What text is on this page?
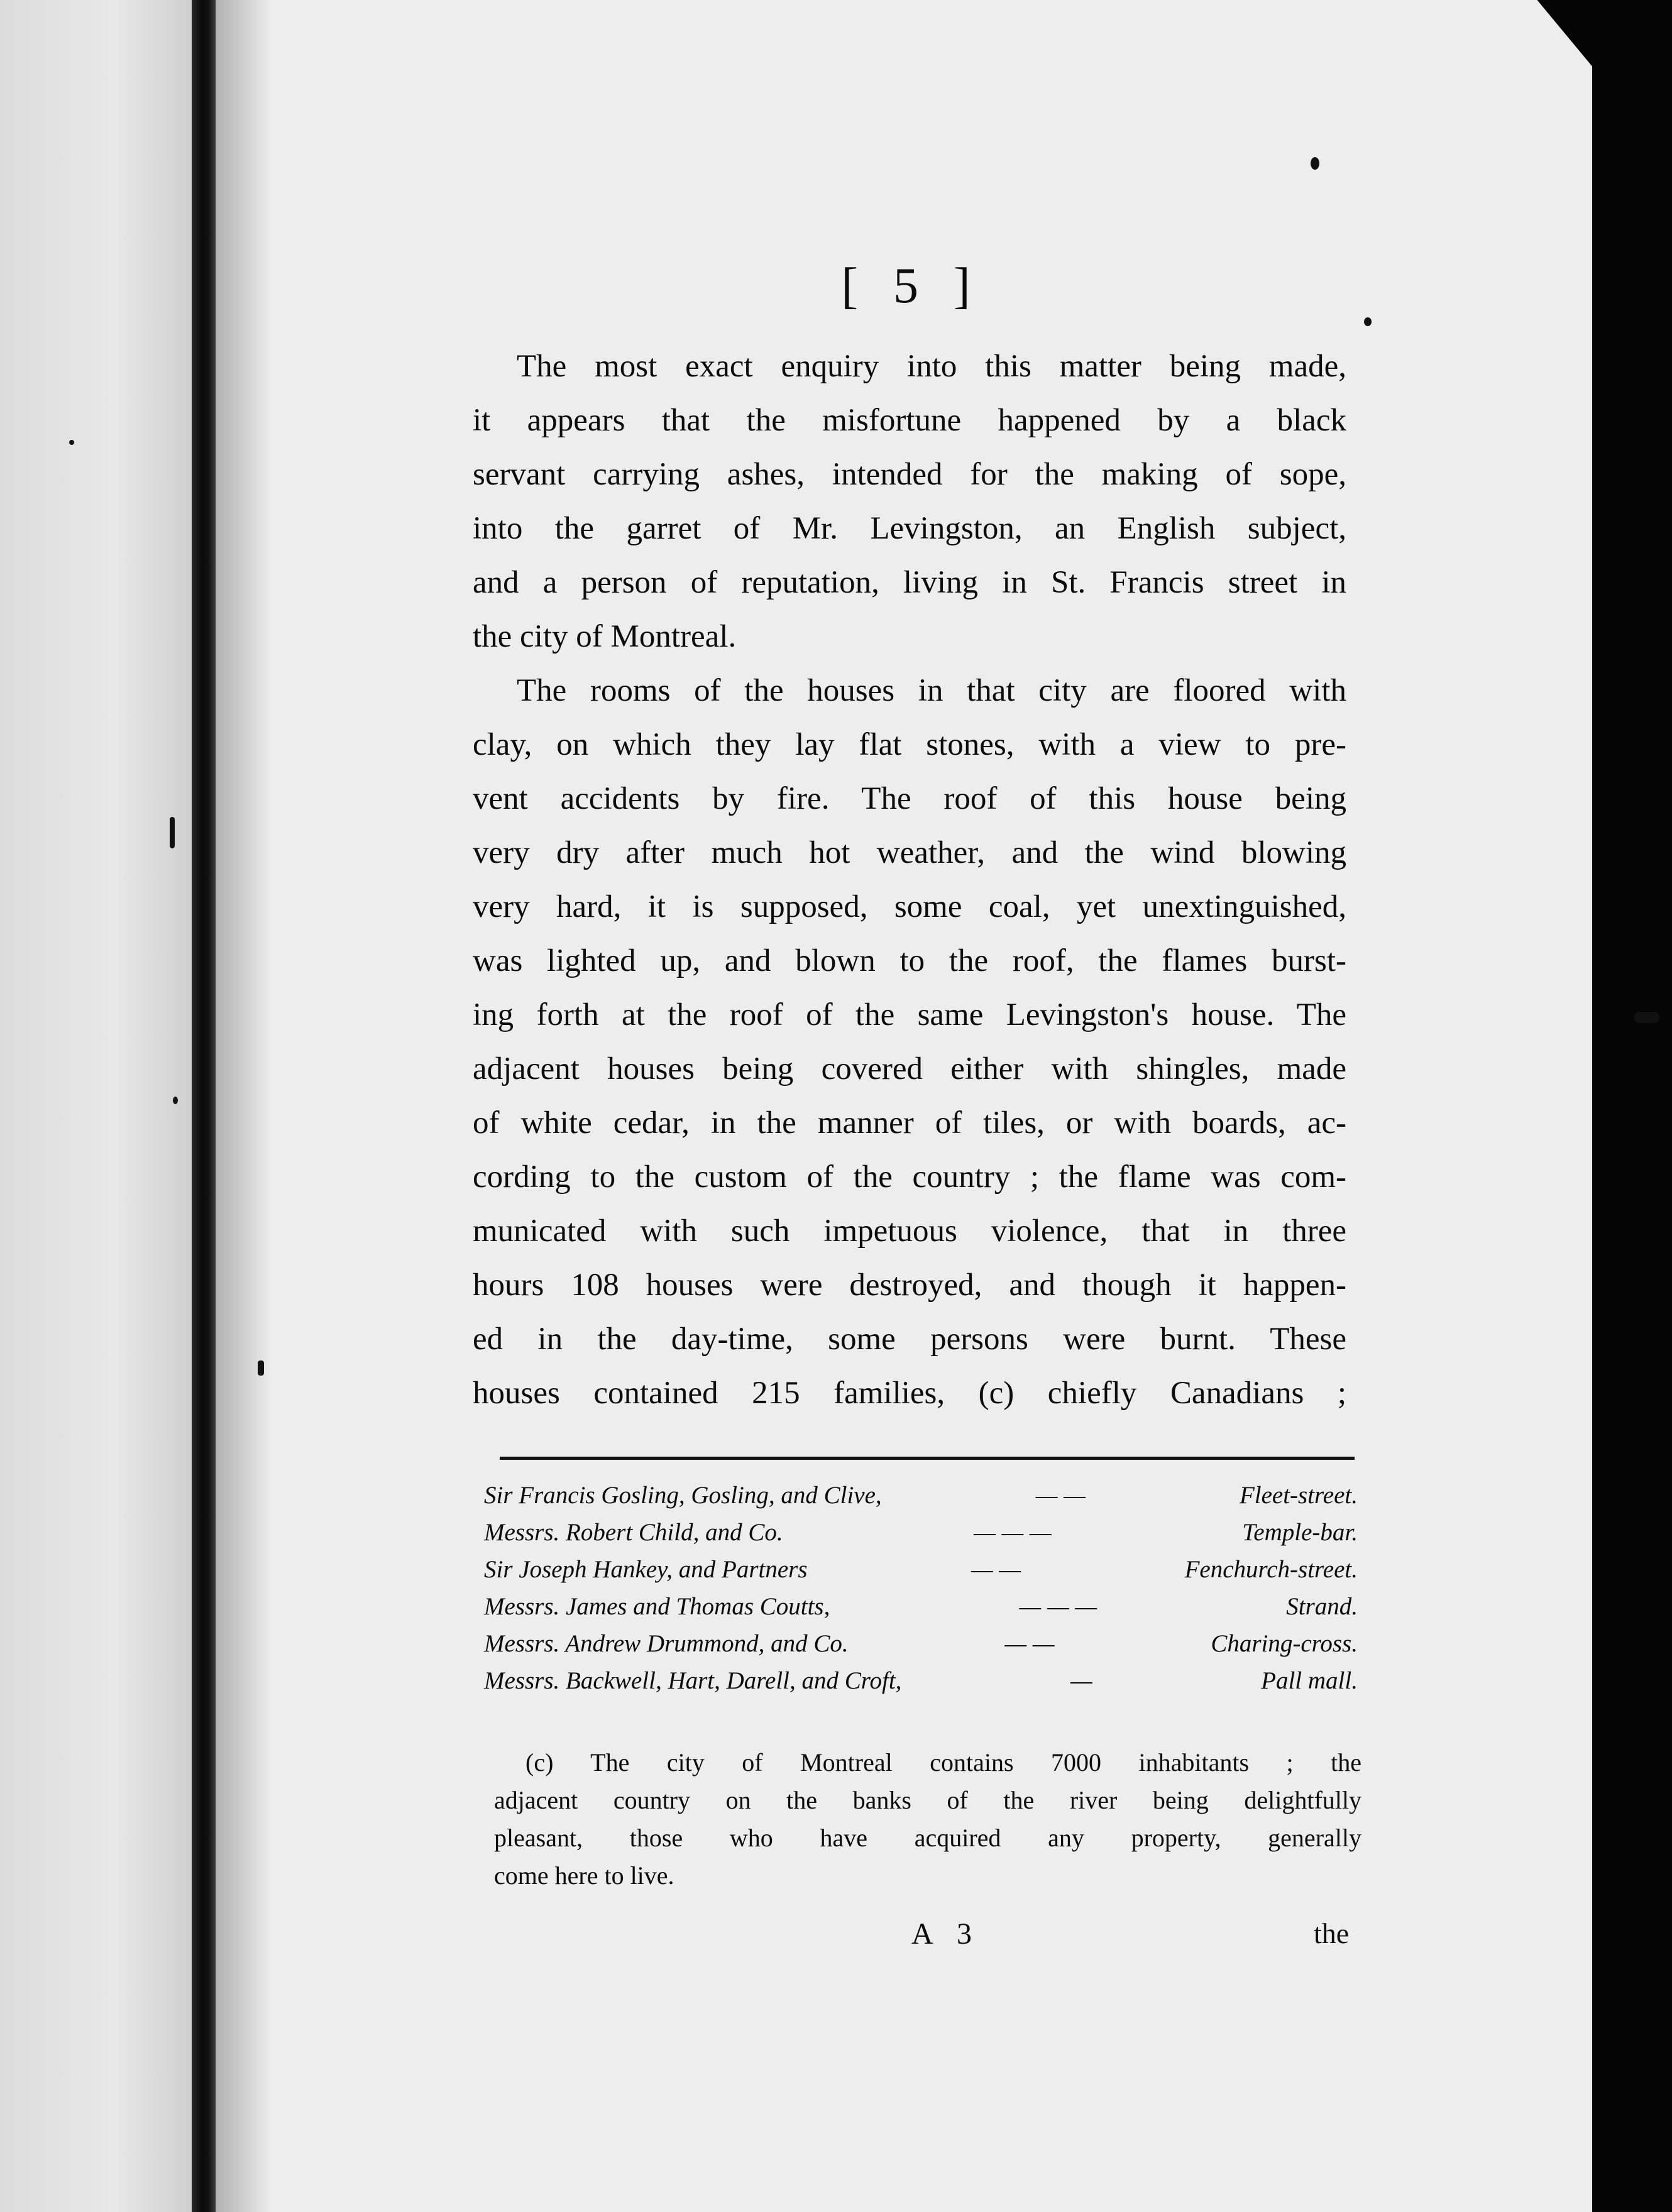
[ 5 ]
The most exact enquiry into this matter being made,
it appears that the misfortune happened by a black
servant carrying ashes, intended for the making of sope,
into the garret of Mr. Levingston, an English subject,
and a person of reputation, living in St. Francis street in
the city of Montreal.
The rooms of the houses in that city are floored with
clay, on which they lay flat stones, with a view to pre-
vent accidents by fire. The roof of this house being
very dry after much hot weather, and the wind blowing
very hard, it is supposed, some coal, yet unextinguished,
was lighted up, and blown to the roof, the flames burst-
ing forth at the roof of the same Levingston's house. The
adjacent houses being covered either with shingles, made
of white cedar, in the manner of tiles, or with boards, ac-
cording to the custom of the country ; the flame was com-
municated with such impetuous violence, that in three
hours 108 houses were destroyed, and though it happen-
ed in the day-time, some persons were burnt. These
houses contained 215 families, (c) chiefly Canadians ;
Sir Francis Gosling, Gosling, and Clive,	— —	Fleet-street.
Messrs. Robert Child, and Co.	— — —	Temple-bar.
Sir Joseph Hankey, and Partners	— —	Fenchurch-street.
Messrs. James and Thomas Coutts,	— — —	Strand.
Messrs. Andrew Drummond, and Co.	— —	Charing-cross.
Messrs. Backwell, Hart, Darell, and Croft,	—	Pall mall.
(c) The city of Montreal contains 7000 inhabitants ; the
adjacent country on the banks of the river being delightfully
pleasant, those who have acquired any property, generally
come here to live.
A 3	the
